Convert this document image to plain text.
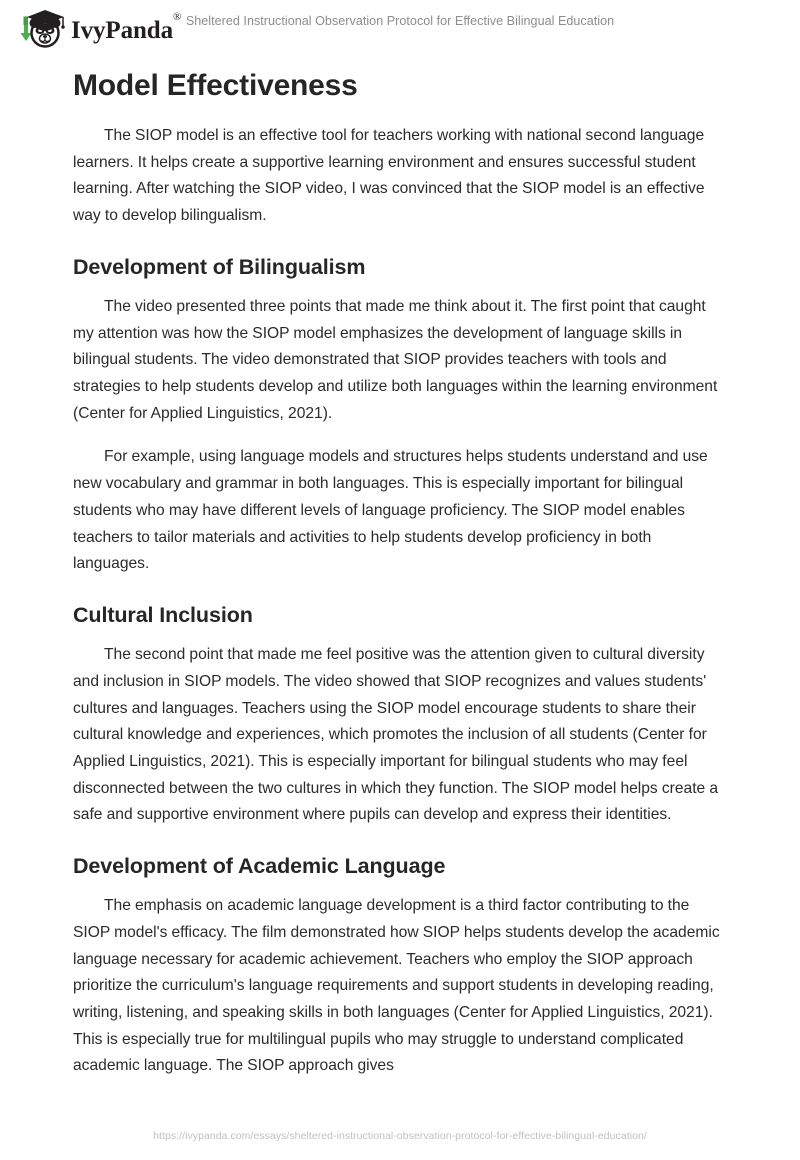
IvyPanda® Sheltered Instructional Observation Protocol for Effective Bilingual Education
Model Effectiveness

The SIOP model is an effective tool for teachers working with national second language learners. It helps create a supportive learning environment and ensures successful student learning. After watching the SIOP video, I was convinced that the SIOP model is an effective way to develop bilingualism.

Development of Bilingualism

The video presented three points that made me think about it. The first point that caught my attention was how the SIOP model emphasizes the development of language skills in bilingual students. The video demonstrated that SIOP provides teachers with tools and strategies to help students develop and utilize both languages within the learning environment (Center for Applied Linguistics, 2021).

For example, using language models and structures helps students understand and use new vocabulary and grammar in both languages. This is especially important for bilingual students who may have different levels of language proficiency. The SIOP model enables teachers to tailor materials and activities to help students develop proficiency in both languages.

Cultural Inclusion

The second point that made me feel positive was the attention given to cultural diversity and inclusion in SIOP models. The video showed that SIOP recognizes and values students' cultures and languages. Teachers using the SIOP model encourage students to share their cultural knowledge and experiences, which promotes the inclusion of all students (Center for Applied Linguistics, 2021). This is especially important for bilingual students who may feel disconnected between the two cultures in which they function. The SIOP model helps create a safe and supportive environment where pupils can develop and express their identities.

Development of Academic Language

The emphasis on academic language development is a third factor contributing to the SIOP model's efficacy. The film demonstrated how SIOP helps students develop the academic language necessary for academic achievement. Teachers who employ the SIOP approach prioritize the curriculum's language requirements and support students in developing reading, writing, listening, and speaking skills in both languages (Center for Applied Linguistics, 2021). This is especially true for multilingual pupils who may struggle to understand complicated academic language. The SIOP approach gives

https://ivypanda.com/essays/sheltered-instructional-observation-protocol-for-effective-bilingual-education/
